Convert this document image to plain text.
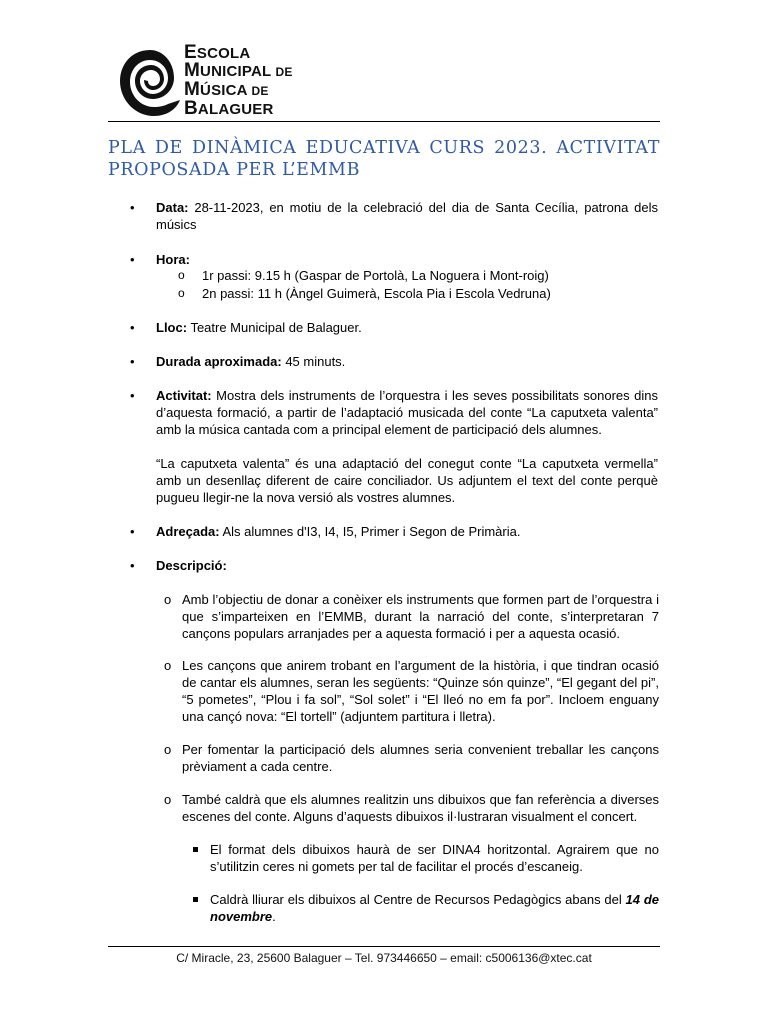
ESCOLA
MUNICIPAL DE
MÚSICA DE
BALAGUER
PLA DE DINÀMICA EDUCATIVA CURS 2023. ACTIVITAT PROPOSADA PER L’EMMB
• Data: 28-11-2023, en motiu de la celebració del dia de Santa Cecília, patrona dels músics
• Hora:
o 1r passi: 9.15 h (Gaspar de Portolà, La Noguera i Mont-roig)
o 2n passi: 11 h (Àngel Guimerà, Escola Pia i Escola Vedruna)
• Lloc: Teatre Municipal de Balaguer.
• Durada aproximada: 45 minuts.
• Activitat: Mostra dels instruments de l’orquestra i les seves possibilitats sonores dins d’aquesta formació, a partir de l’adaptació musicada del conte “La caputxeta valenta” amb la música cantada com a principal element de participació dels alumnes.
“La caputxeta valenta” és una adaptació del conegut conte “La caputxeta vermella” amb un desenllaç diferent de caire conciliador. Us adjuntem el text del conte perquè pugueu llegir-ne la nova versió als vostres alumnes.
• Adreçada: Als alumnes d'I3, I4, I5, Primer i Segon de Primària.
• Descripció:
o Amb l’objectiu de donar a conèixer els instruments que formen part de l’orquestra i que s’imparteixen en l’EMMB, durant la narració del conte, s’interpretaran 7 cançons populars arranjades per a aquesta formació i per a aquesta ocasió.
o Les cançons que anirem trobant en l’argument de la història, i que tindran ocasió de cantar els alumnes, seran les següents: “Quinze són quinze”, “El gegant del pi”, “5 pometes”, “Plou i fa sol”, “Sol solet” i “El lleó no em fa por”. Incloem enguany una cançó nova: “El tortell” (adjuntem partitura i lletra).
o Per fomentar la participació dels alumnes seria convenient treballar les cançons prèviament a cada centre.
o També caldrà que els alumnes realitzin uns dibuixos que fan referència a diverses escenes del conte. Alguns d’aquests dibuixos il·lustraran visualment el concert.
El format dels dibuixos haurà de ser DINA4 horitzontal. Agrairem que no s’utilitzin ceres ni gomets per tal de facilitar el procés d’escaneig.
Caldrà lliurar els dibuixos al Centre de Recursos Pedagògics abans del 14 de novembre.
C/ Miracle, 23, 25600 Balaguer – Tel. 973446650 – email: c5006136@xtec.cat
